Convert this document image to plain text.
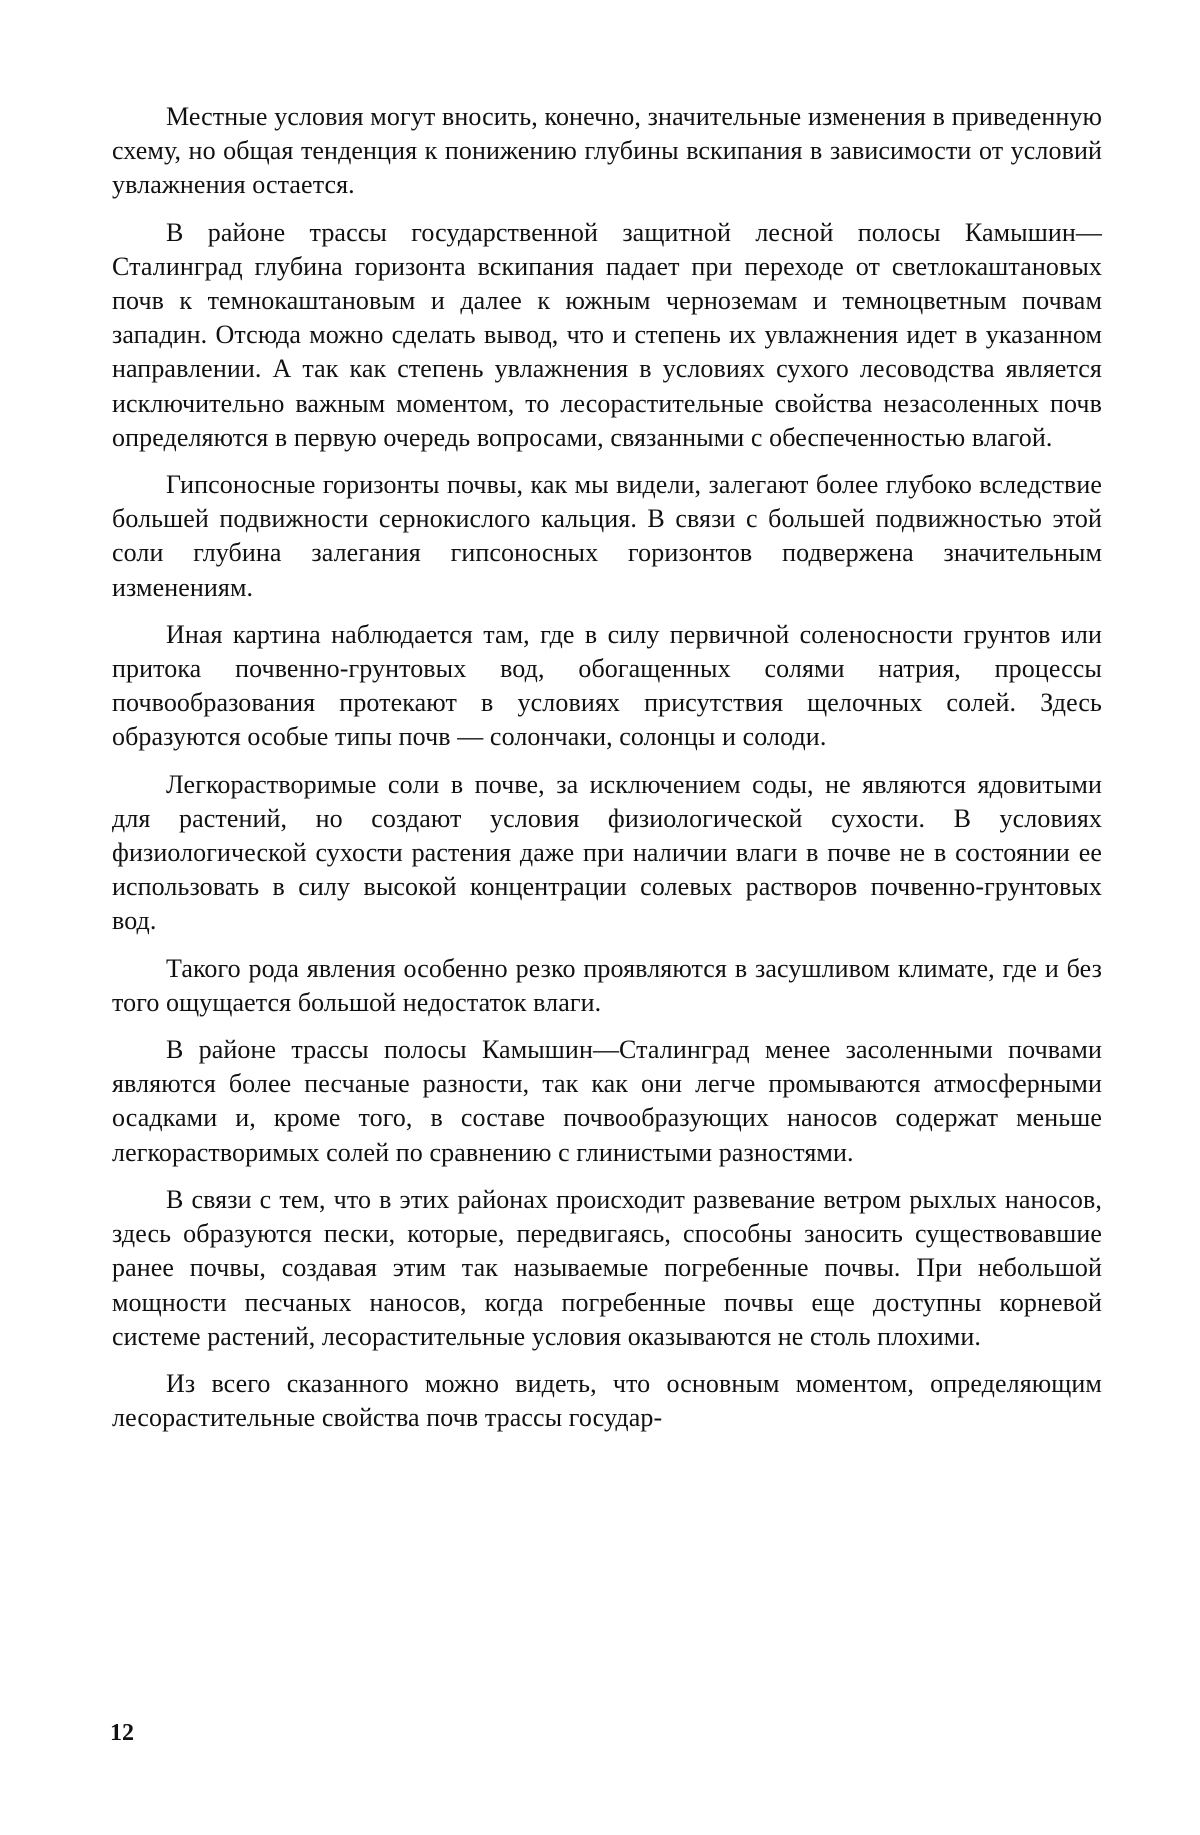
Местные условия могут вносить, конечно, значительные изменения в приведенную схему, но общая тенденция к понижению глубины вскипания в зависимости от условий увлажнения остается.

В районе трассы государственной защитной лесной полосы Камышин—Сталинград глубина горизонта вскипания падает при переходе от светлокаштановых почв к темнокаштановым и далее к южным черноземам и темноцветным почвам западин. Отсюда можно сделать вывод, что и степень их увлажнения идет в указанном направлении. А так как степень увлажнения в условиях сухого лесоводства является исключительно важным моментом, то лесорастительные свойства незасоленных почв определяются в первую очередь вопросами, связанными с обеспеченностью влагой.

Гипсоносные горизонты почвы, как мы видели, залегают более глубоко вследствие большей подвижности сернокислого кальция. В связи с большей подвижностью этой соли глубина залегания гипсоносных горизонтов подвержена значительным изменениям.

Иная картина наблюдается там, где в силу первичной соленосности грунтов или притока почвенно-грунтовых вод, обогащенных солями натрия, процессы почвообразования протекают в условиях присутствия щелочных солей. Здесь образуются особые типы почв — солончаки, солонцы и солоди.

Легкорастворимые соли в почве, за исключением соды, не являются ядовитыми для растений, но создают условия физиологической сухости. В условиях физиологической сухости растения даже при наличии влаги в почве не в состоянии ее использовать в силу высокой концентрации солевых растворов почвенно-грунтовых вод.

Такого рода явления особенно резко проявляются в засушливом климате, где и без того ощущается большой недостаток влаги.

В районе трассы полосы Камышин—Сталинград менее засоленными почвами являются более песчаные разности, так как они легче промываются атмосферными осадками и, кроме того, в составе почвообразующих наносов содержат меньше легкорастворимых солей по сравнению с глинистыми разностями.

В связи с тем, что в этих районах происходит развевание ветром рыхлых наносов, здесь образуются пески, которые, передвигаясь, способны заносить существовавшие ранее почвы, создавая этим так называемые погребенные почвы. При небольшой мощности песчаных наносов, когда погребенные почвы еще доступны корневой системе растений, лесорастительные условия оказываются не столь плохими.

Из всего сказанного можно видеть, что основным моментом, определяющим лесорастительные свойства почв трассы государ-

12
